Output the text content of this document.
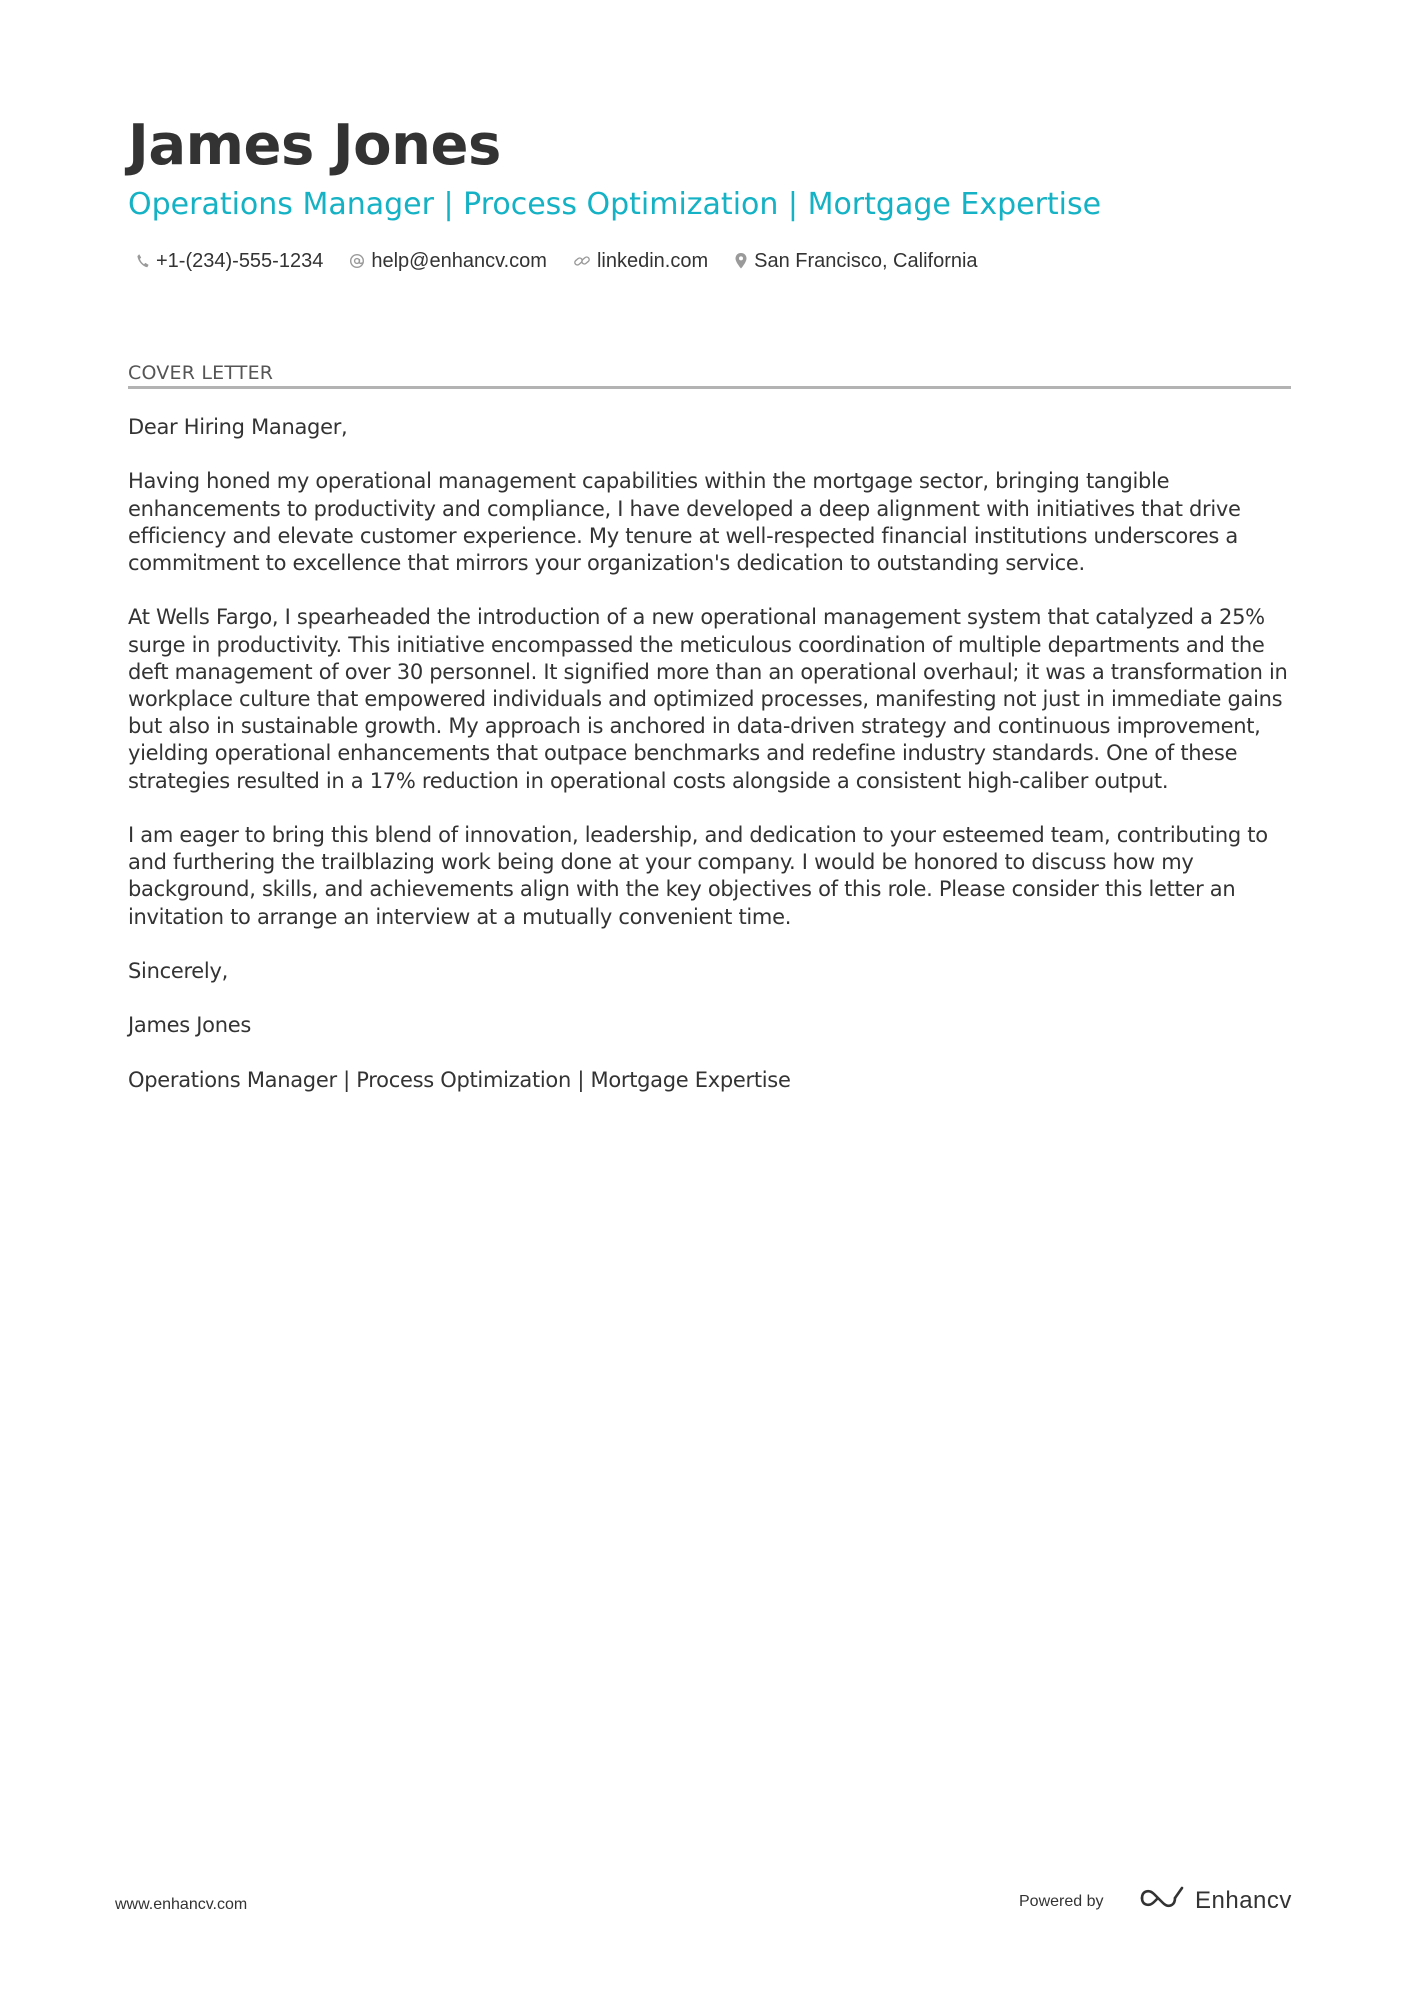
James Jones
Operations Manager | Process Optimization | Mortgage Expertise
+1-(234)-555-1234 help@enhancv.com	linkedin.com San Francisco, California
COVER LETTER

Dear Hiring Manager,

Having honed my operational management capabilities within the mortgage sector, bringing tangible enhancements to productivity and compliance, I have developed a deep alignment with initiatives that drive efficiency and elevate customer experience. My tenure at well-respected financial institutions underscores a commitment to excellence that mirrors your organization's dedication to outstanding service.

At Wells Fargo, I spearheaded the introduction of a new operational management system that catalyzed a 25% surge in productivity. This initiative encompassed the meticulous coordination of multiple departments and the deft management of over 30 personnel. It signified more than an operational overhaul; it was a transformation in workplace culture that empowered individuals and optimized processes, manifesting not just in immediate gains but also in sustainable growth. My approach is anchored in data-driven strategy and continuous improvement, yielding operational enhancements that outpace benchmarks and redefine industry standards. One of these strategies resulted in a 17% reduction in operational costs alongside a consistent high-caliber output.

I am eager to bring this blend of innovation, leadership, and dedication to your esteemed team, contributing to and furthering the trailblazing work being done at your company. I would be honored to discuss how my background, skills, and achievements align with the key objectives of this role. Please consider this letter an invitation to arrange an interview at a mutually convenient time.

Sincerely,

James Jones

Operations Manager | Process Optimization | Mortgage Expertise

www.enhancv.com	Powered by	Enhancv
